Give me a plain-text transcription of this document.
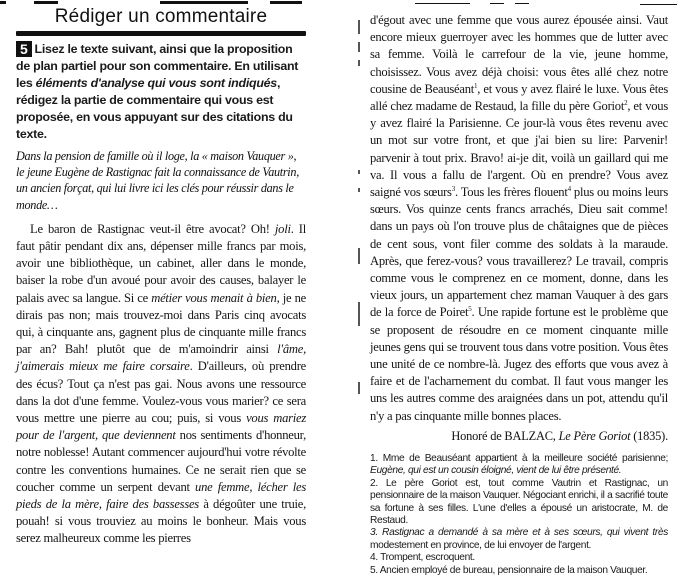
Rédiger un commentaire

5 Lisez le texte suivant, ainsi que la proposition de plan partiel pour son commentaire. En utilisant les éléments d'analyse qui vous sont indiqués, rédigez la partie de commentaire qui vous est proposée, en vous appuyant sur des citations du texte.

Dans la pension de famille où il loge, la « maison Vauquer », le jeune Eugène de Rastignac fait la connaissance de Vautrin, un ancien forçat, qui lui livre ici les clés pour réussir dans le monde…

Le baron de Rastignac veut-il être avocat? Oh! joli. Il faut pâtir pendant dix ans, dépenser mille francs par mois, avoir une bibliothèque, un cabinet, aller dans le monde, baiser la robe d'un avoué pour avoir des causes, balayer le palais avec sa langue. Si ce métier vous menait à bien, je ne dirais pas non; mais trouvez-moi dans Paris cinq avocats qui, à cinquante ans, gagnent plus de cinquante mille francs par an? Bah! plutôt que de m'amoindrir ainsi l'âme, j'aimerais mieux me faire corsaire. D'ailleurs, où prendre des écus? Tout ça n'est pas gai. Nous avons une ressource dans la dot d'une femme. Voulez-vous vous marier? ce sera vous mettre une pierre au cou; puis, si vous vous mariez pour de l'argent, que deviennent nos sentiments d'honneur, notre noblesse! Autant commencer aujourd'hui votre révolte contre les conventions humaines. Ce ne serait rien que se coucher comme un serpent devant une femme, lécher les pieds de la mère, faire des bassesses à dégoûter une truie, pouah! si vous trouviez au moins le bonheur. Mais vous serez malheureux comme les pierres

d'égout avec une femme que vous aurez épousée ainsi. Vaut encore mieux guerroyer avec les hommes que de lutter avec sa femme. Voilà le carrefour de la vie, jeune homme, choisissez. Vous avez déjà choisi: vous êtes allé chez notre cousine de Beauséant$^1$, et vous y avez flairé le luxe. Vous êtes allé chez madame de Restaud, la fille du père Goriot$^2$, et vous y avez flairé la Parisienne. Ce jour-là vous êtes revenu avec un mot sur votre front, et que j'ai bien su lire: Parvenir! parvenir à tout prix. Bravo! ai-je dit, voilà un gaillard qui me va. Il vous a fallu de l'argent. Où en prendre? Vous avez saigné vos sœurs$^3$. Tous les frères flouent$^4$ plus ou moins leurs sœurs. Vos quinze cents francs arrachés, Dieu sait comme! dans un pays où l'on trouve plus de châtaignes que de pièces de cent sous, vont filer comme des soldats à la maraude. Après, que ferez-vous? vous travaillerez? Le travail, compris comme vous le comprenez en ce moment, donne, dans les vieux jours, un appartement chez maman Vauquer à des gars de la force de Poiret$^5$. Une rapide fortune est le problème que se proposent de résoudre en ce moment cinquante mille jeunes gens qui se trouvent tous dans votre position. Vous êtes une unité de ce nombre-là. Jugez des efforts que vous avez à faire et de l'acharnement du combat. Il faut vous manger les uns les autres comme des araignées dans un pot, attendu qu'il n'y a pas cinquante mille bonnes places.

Honoré de BALZAC, Le Père Goriot (1835).

1. Mme de Beauséant appartient à la meilleure société parisienne; Eugène, qui est un cousin éloigné, vient de lui être présenté.

2. Le père Goriot est, tout comme Vautrin et Rastignac, un pensionnaire de la maison Vauquer. Négociant enrichi, il a sacrifié toute sa fortune à ses filles. L'une d'elles a épousé un aristocrate, M. de Restaud.

3. Rastignac a demandé à sa mère et à ses sœurs, qui vivent très modestement en province, de lui envoyer de l'argent.

4. Trompent, escroquent.

5. Ancien employé de bureau, pensionnaire de la maison Vauquer.
